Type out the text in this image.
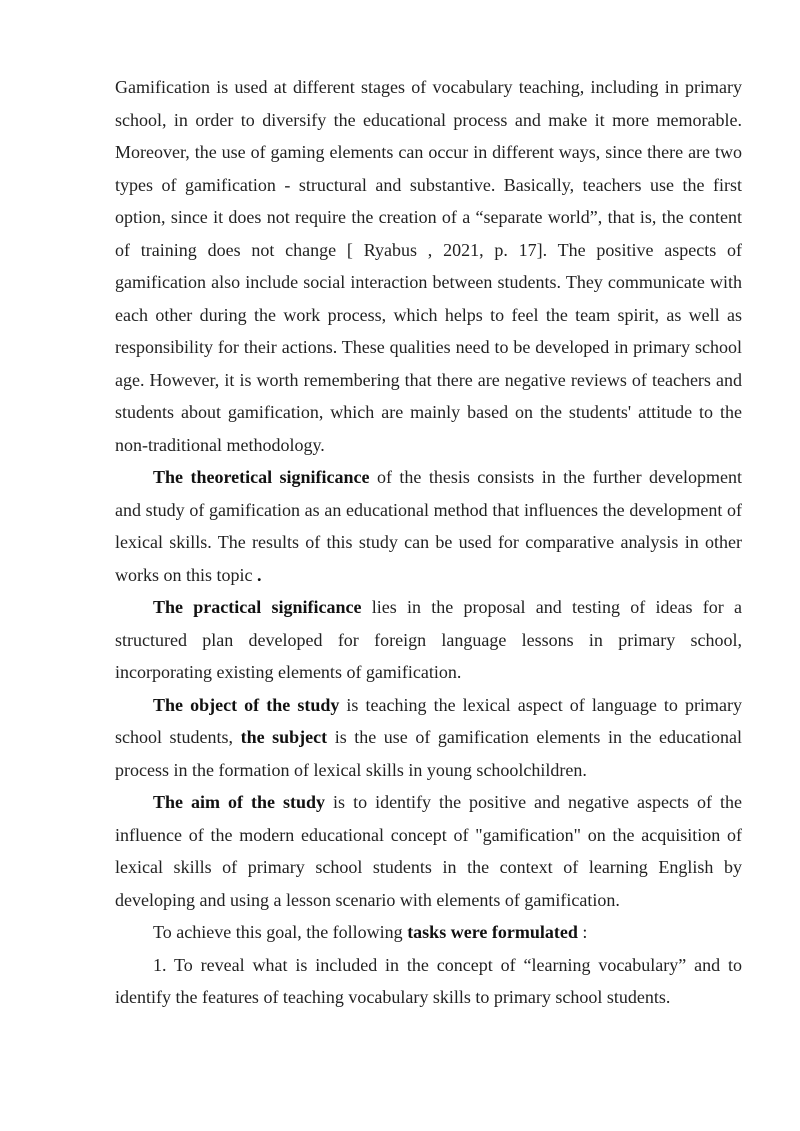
Gamification is used at different stages of vocabulary teaching, including in primary school, in order to diversify the educational process and make it more memorable. Moreover, the use of gaming elements can occur in different ways, since there are two types of gamification - structural and substantive. Basically, teachers use the first option, since it does not require the creation of a “separate world”, that is, the content of training does not change [ Ryabus , 2021, p. 17]. The positive aspects of gamification also include social interaction between students. They communicate with each other during the work process, which helps to feel the team spirit, as well as responsibility for their actions. These qualities need to be developed in primary school age. However, it is worth remembering that there are negative reviews of teachers and students about gamification, which are mainly based on the students' attitude to the non-traditional methodology.

The theoretical significance of the thesis consists in the further development and study of gamification as an educational method that influences the development of lexical skills. The results of this study can be used for comparative analysis in other works on this topic .

The practical significance lies in the proposal and testing of ideas for a structured plan developed for foreign language lessons in primary school, incorporating existing elements of gamification.

The object of the study is teaching the lexical aspect of language to primary school students, the subject is the use of gamification elements in the educational process in the formation of lexical skills in young schoolchildren.

The aim of the study is to identify the positive and negative aspects of the influence of the modern educational concept of "gamification" on the acquisition of lexical skills of primary school students in the context of learning English by developing and using a lesson scenario with elements of gamification.

To achieve this goal, the following tasks were formulated :

1. To reveal what is included in the concept of “learning vocabulary” and to identify the features of teaching vocabulary skills to primary school students.
